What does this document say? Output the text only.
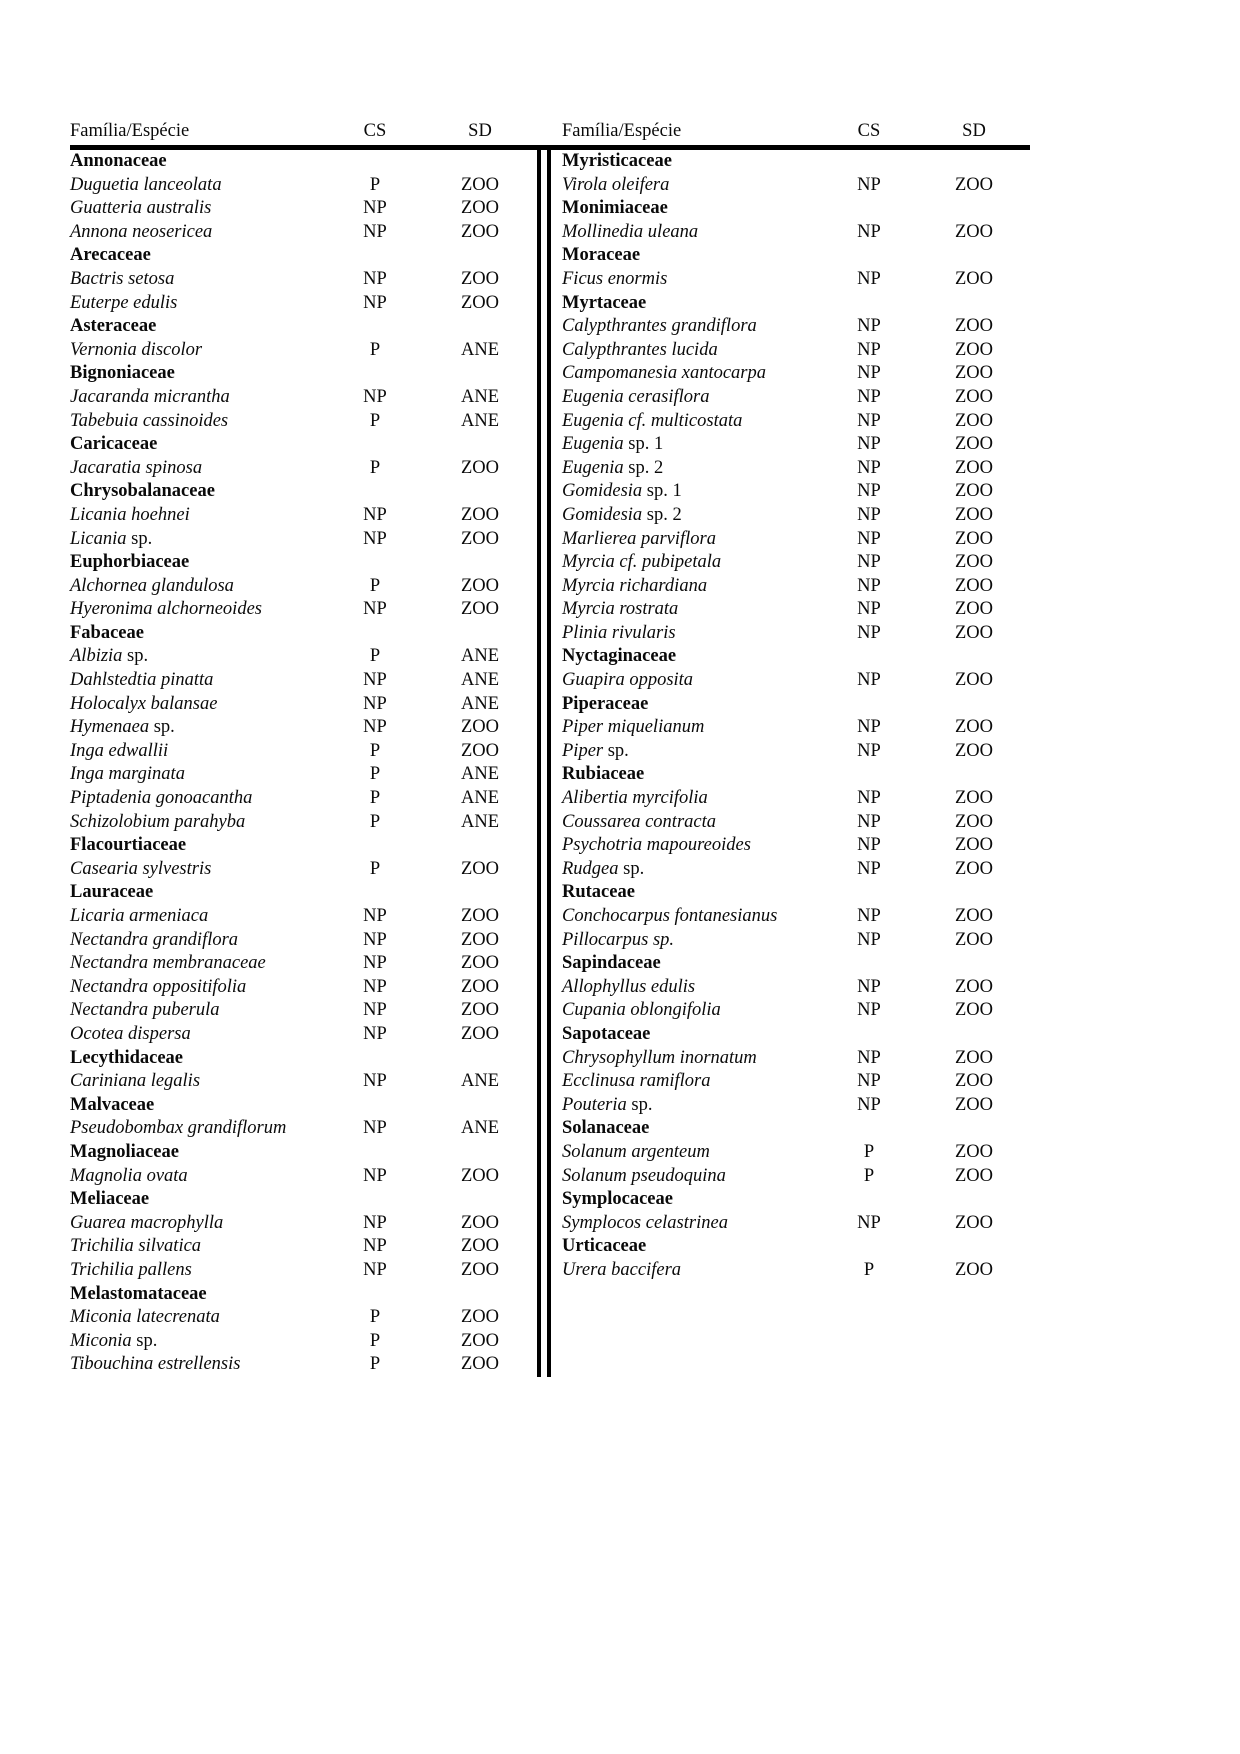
Família/Espécie	CS	SD	Família/Espécie	CS	SD
Annonaceae
Duguetia lanceolata	P	ZOO
Guatteria australis	NP	ZOO
Annona neosericea	NP	ZOO
Arecaceae
Bactris setosa	NP	ZOO
Euterpe edulis	NP	ZOO
Asteraceae
Vernonia discolor	P	ANE
Bignoniaceae
Jacaranda micrantha	NP	ANE
Tabebuia cassinoides	P	ANE
Caricaceae
Jacaratia spinosa	P	ZOO
Chrysobalanaceae
Licania hoehnei	NP	ZOO
Licania sp.	NP	ZOO
Euphorbiaceae
Alchornea glandulosa	P	ZOO
Hyeronima alchorneoides	NP	ZOO
Fabaceae
Albizia sp.	P	ANE
Dahlstedtia pinatta	NP	ANE
Holocalyx balansae	NP	ANE
Hymenaea sp.	NP	ZOO
Inga edwallii	P	ZOO
Inga marginata	P	ANE
Piptadenia gonoacantha	P	ANE
Schizolobium parahyba	P	ANE
Flacourtiaceae
Casearia sylvestris	P	ZOO
Lauraceae
Licaria armeniaca	NP	ZOO
Nectandra grandiflora	NP	ZOO
Nectandra membranaceae	NP	ZOO
Nectandra oppositifolia	NP	ZOO
Nectandra puberula	NP	ZOO
Ocotea dispersa	NP	ZOO
Lecythidaceae
Cariniana legalis	NP	ANE
Malvaceae
Pseudobombax grandiflorum	NP	ANE
Magnoliaceae
Magnolia ovata	NP	ZOO
Meliaceae
Guarea macrophylla	NP	ZOO
Trichilia silvatica	NP	ZOO
Trichilia pallens	NP	ZOO
Melastomataceae
Miconia latecrenata	P	ZOO
Miconia sp.	P	ZOO
Tibouchina estrellensis	P	ZOO
Myristicaceae
Virola oleifera	NP	ZOO
Monimiaceae
Mollinedia uleana	NP	ZOO
Moraceae
Ficus enormis	NP	ZOO
Myrtaceae
Calypthrantes grandiflora	NP	ZOO
Calypthrantes lucida	NP	ZOO
Campomanesia xantocarpa	NP	ZOO
Eugenia cerasiflora	NP	ZOO
Eugenia cf. multicostata	NP	ZOO
Eugenia sp. 1	NP	ZOO
Eugenia sp. 2	NP	ZOO
Gomidesia sp. 1	NP	ZOO
Gomidesia sp. 2	NP	ZOO
Marlierea parviflora	NP	ZOO
Myrcia cf. pubipetala	NP	ZOO
Myrcia richardiana	NP	ZOO
Myrcia rostrata	NP	ZOO
Plinia rivularis	NP	ZOO
Nyctaginaceae
Guapira opposita	NP	ZOO
Piperaceae
Piper miquelianum	NP	ZOO
Piper sp.	NP	ZOO
Rubiaceae
Alibertia myrcifolia	NP	ZOO
Coussarea contracta	NP	ZOO
Psychotria mapoureoides	NP	ZOO
Rudgea sp.	NP	ZOO
Rutaceae
Conchocarpus fontanesianus	NP	ZOO
Pillocarpus sp.	NP	ZOO
Sapindaceae
Allophyllus edulis	NP	ZOO
Cupania oblongifolia	NP	ZOO
Sapotaceae
Chrysophyllum inornatum	NP	ZOO
Ecclinusa ramiflora	NP	ZOO
Pouteria sp.	NP	ZOO
Solanaceae
Solanum argenteum	P	ZOO
Solanum pseudoquina	P	ZOO
Symplocaceae
Symplocos celastrinea	NP	ZOO
Urticaceae
Urera baccifera	P	ZOO
